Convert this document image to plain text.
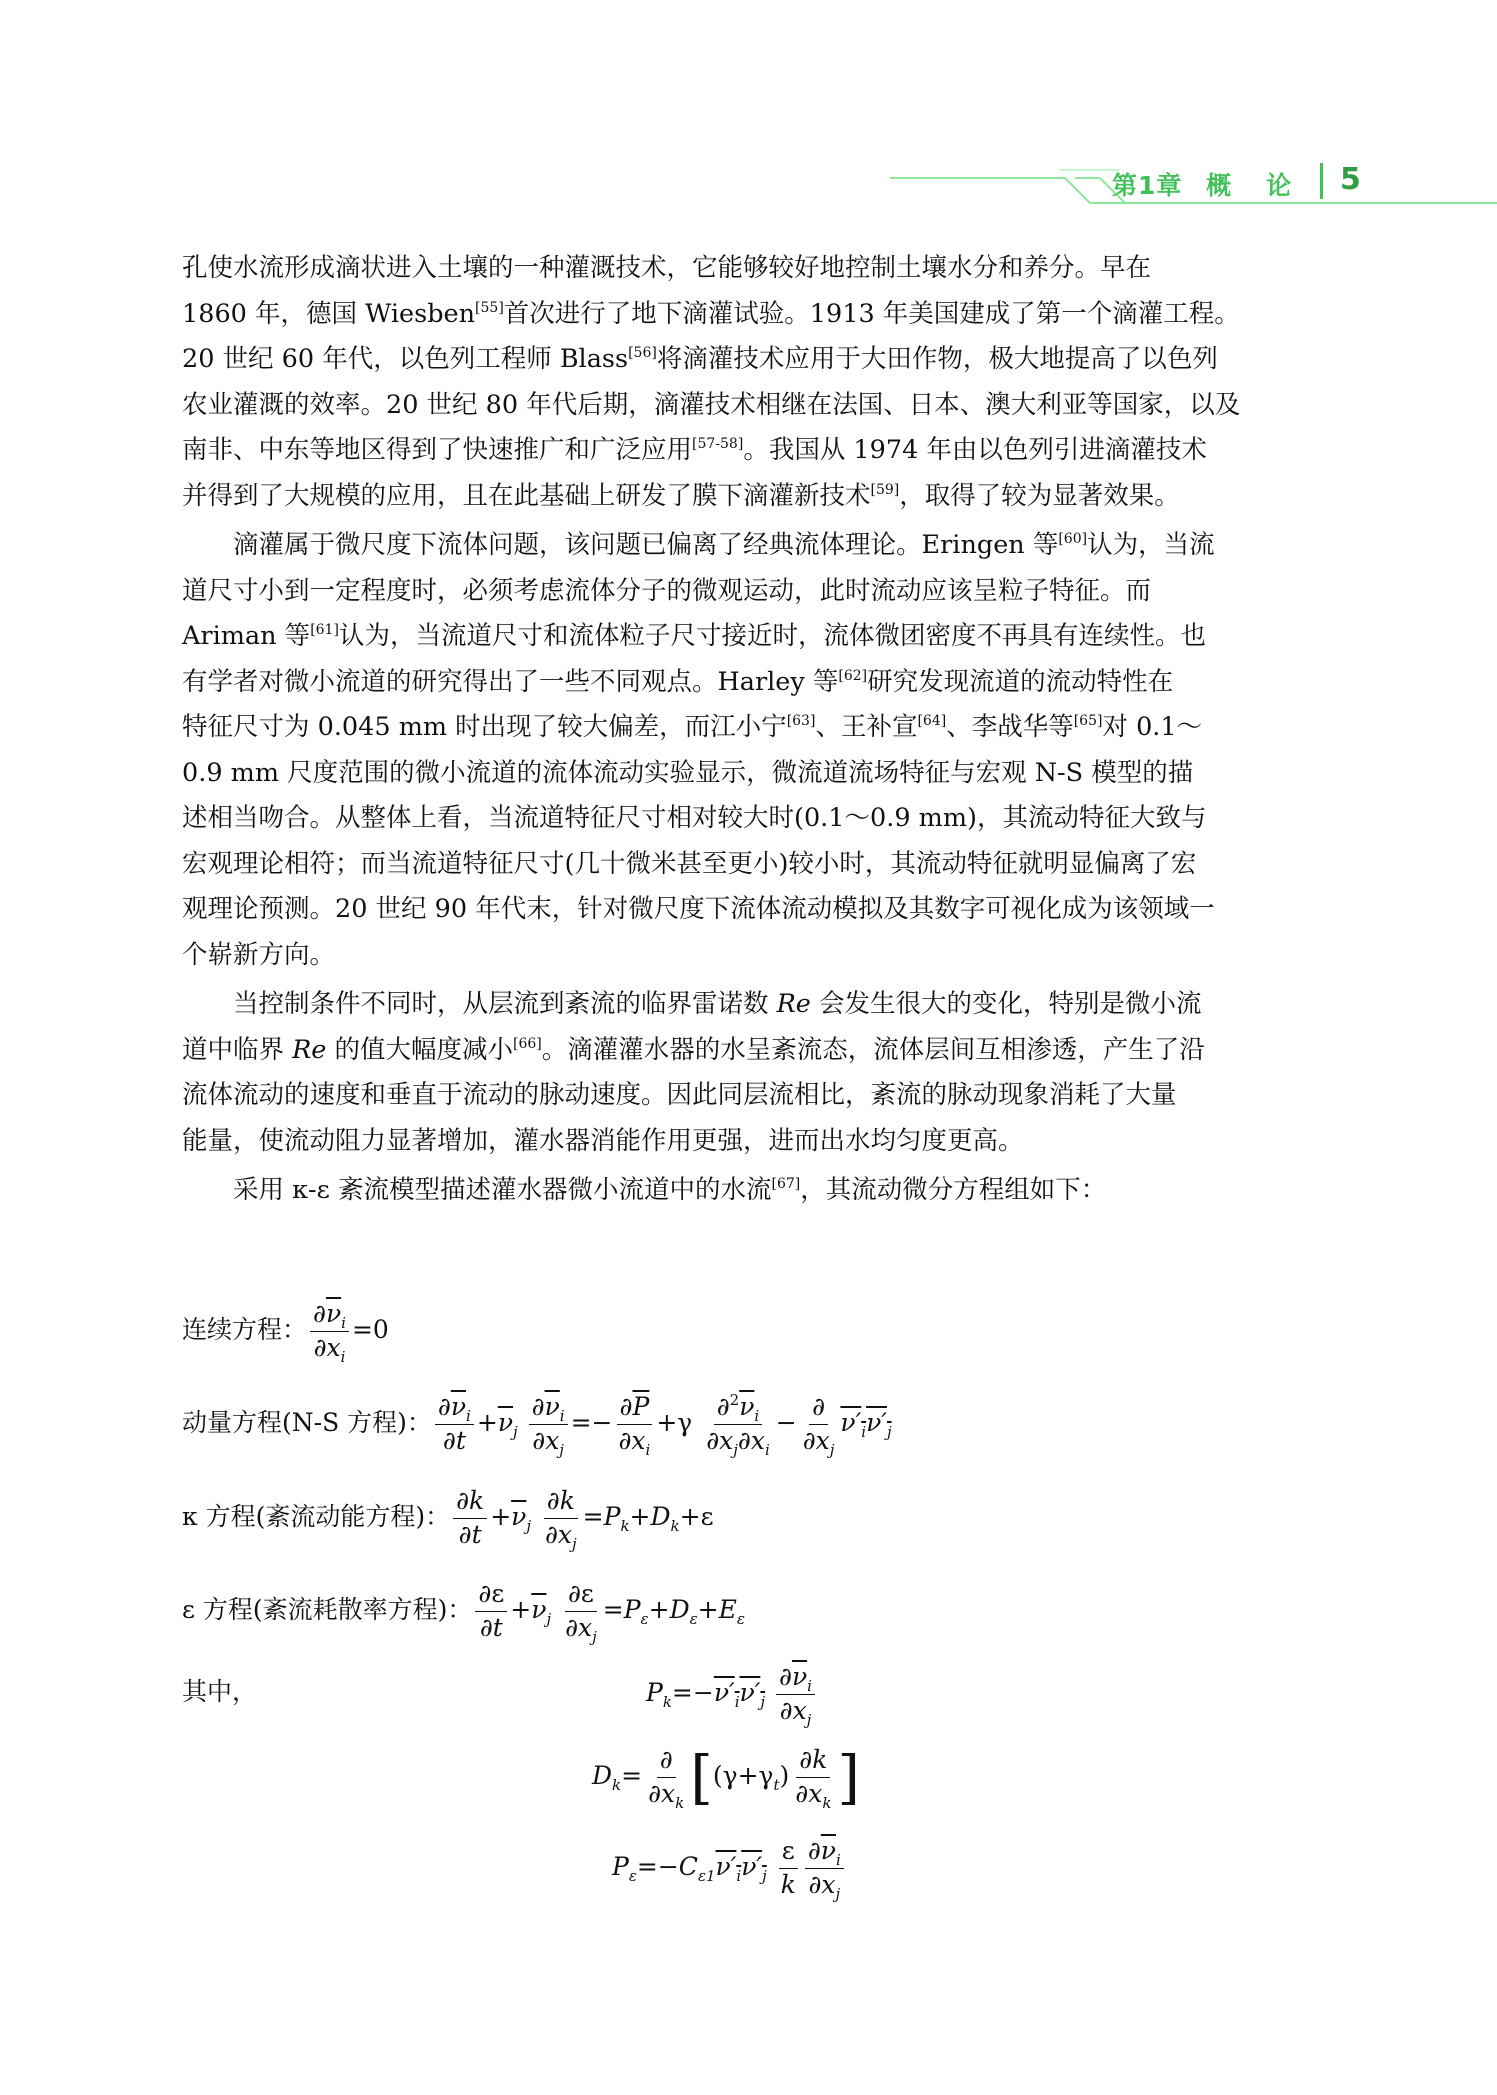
第1章 概 论 5

孔使水流形成滴状进入土壤的一种灌溉技术，它能够较好地控制土壤水分和养分。早在
1860 年，德国 Wiesben[55]首次进行了地下滴灌试验。1913 年美国建成了第一个滴灌工程。
20 世纪 60 年代，以色列工程师 Blass[56]将滴灌技术应用于大田作物，极大地提高了以色列
农业灌溉的效率。20 世纪 80 年代后期，滴灌技术相继在法国、日本、澳大利亚等国家，以及
南非、中东等地区得到了快速推广和广泛应用[57-58]。我国从 1974 年由以色列引进滴灌技术
并得到了大规模的应用，且在此基础上研发了膜下滴灌新技术[59]，取得了较为显著效果。

滴灌属于微尺度下流体问题，该问题已偏离了经典流体理论。Eringen 等[60]认为，当流
道尺寸小到一定程度时，必须考虑流体分子的微观运动，此时流动应该呈粒子特征。而
Ariman 等[61]认为，当流道尺寸和流体粒子尺寸接近时，流体微团密度不再具有连续性。也
有学者对微小流道的研究得出了一些不同观点。Harley 等[62]研究发现流道的流动特性在
特征尺寸为 0.045 mm 时出现了较大偏差，而江小宁[63]、王补宣[64]、李战华等[65]对 0.1～
0.9 mm 尺度范围的微小流道的流体流动实验显示，微流道流场特征与宏观 N-S 模型的描
述相当吻合。从整体上看，当流道特征尺寸相对较大时(0.1～0.9 mm)，其流动特征大致与
宏观理论相符；而当流道特征尺寸(几十微米甚至更小)较小时，其流动特征就明显偏离了宏
观理论预测。20 世纪 90 年代末，针对微尺度下流体流动模拟及其数字可视化成为该领域一
个崭新方向。

当控制条件不同时，从层流到紊流的临界雷诺数 Re 会发生很大的变化，特别是微小流
道中临界 Re 的值大幅度减小[66]。滴灌灌水器的水呈紊流态，流体层间互相渗透，产生了沿
流体流动的速度和垂直于流动的脉动速度。因此同层流相比，紊流的脉动现象消耗了大量
能量，使流动阻力显著增加，灌水器消能作用更强，进而出水均匀度更高。

采用 κ-ε 紊流模型描述灌水器微小流道中的水流[67]，其流动微分方程组如下：

连续方程： $\frac{\partial\overline{\nu}_i}{\partial x_i} =0$
动量方程(N-S 方程)： $\frac{\partial\overline{\nu}_i}{\partial t} +\overline{\nu}_j \frac{\partial\overline{\nu}_i}{\partial x_j} =- \frac{\partial\overline{P}}{\partial x_i} +\gamma \frac{\partial^2\overline{\nu}_i}{\partial x_j\partial x_i} - \frac{\partial}{\partial x_j} \nu'_i\nu'_j$
κ 方程(紊流动能方程)： $\frac{\partial k}{\partial t} +\overline{\nu}_j \frac{\partial k}{\partial x_j} =P_k+D_k+\varepsilon$
ε 方程(紊流耗散率方程)： $\frac{\partial\varepsilon}{\partial t} +\overline{\nu}_j \frac{\partial\varepsilon}{\partial x_j} =P_\varepsilon+D_\varepsilon+E_\varepsilon$
其中，	$P_k=-\nu'_i\nu'_j \frac{\partial\overline{\nu}_i}{\partial x_j}$
$D_k= \frac{\partial}{\partial x_k} [(\gamma+\gamma_t) \frac{\partial k}{\partial x_k}$ ]
$P_\varepsilon=-C_{\varepsilon 1}\nu'_i\nu'_j \frac{\varepsilon}{k} \frac{\partial\overline{\nu}_i}{\partial x_j}$
